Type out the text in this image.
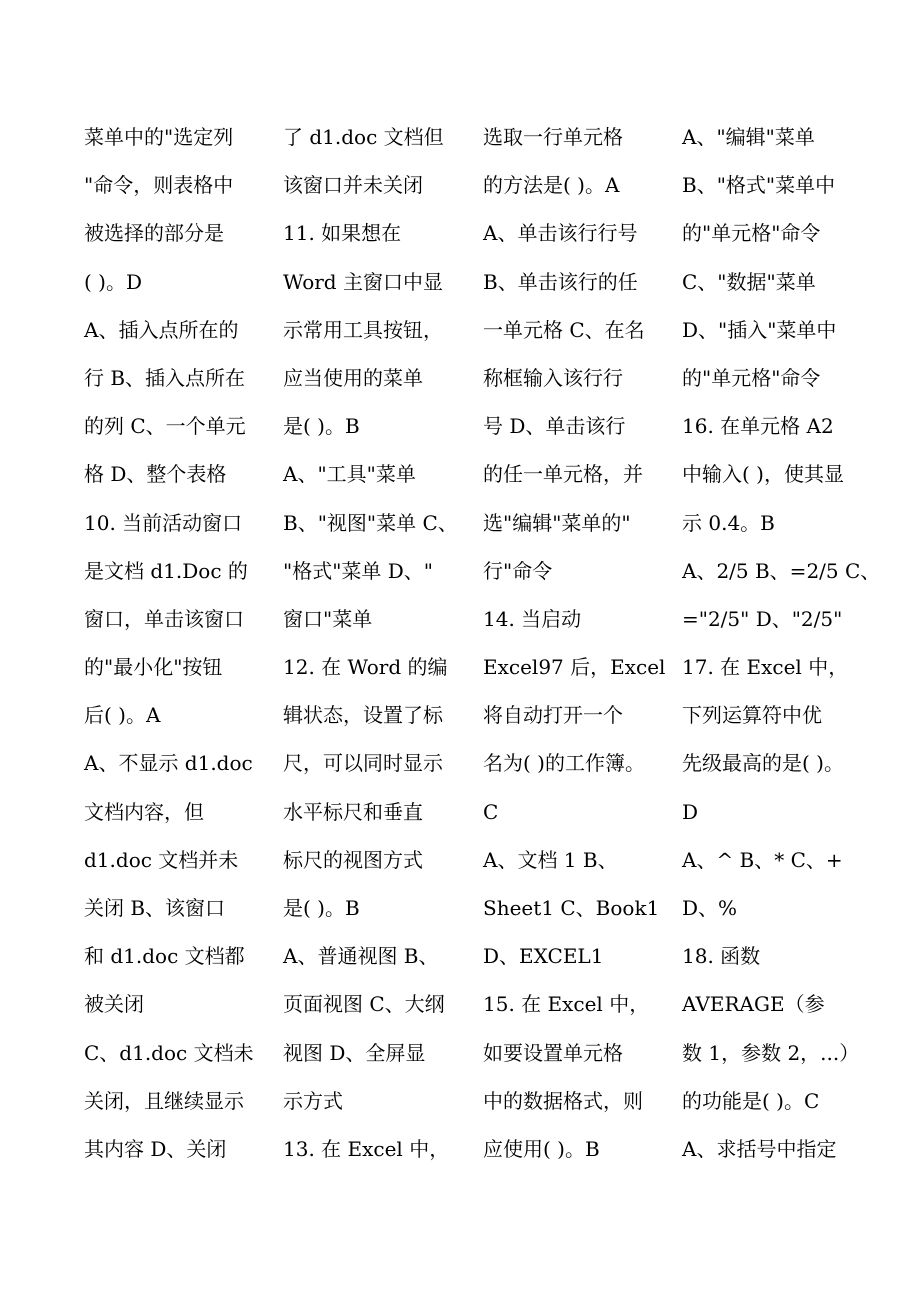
菜单中的"选定列
"命令，则表格中
被选择的部分是
( )。D
A、插入点所在的
行 B、插入点所在
的列 C、一个单元
格 D、整个表格
10. 当前活动窗口
是文档 d1.Doc 的
窗口，单击该窗口
的"最小化"按钮
后( )。A
A、不显示 d1.doc
文档内容，但
d1.doc 文档并未
关闭 B、该窗口
和 d1.doc 文档都
被关闭
C、d1.doc 文档未
关闭，且继续显示
其内容 D、关闭
了 d1.doc 文档但
该窗口并未关闭
11. 如果想在
Word 主窗口中显
示常用工具按钮，
应当使用的菜单
是( )。B
A、"工具"菜单
B、"视图"菜单 C、
"格式"菜单 D、"
窗口"菜单
12. 在 Word 的编
辑状态，设置了标
尺，可以同时显示
水平标尺和垂直
标尺的视图方式
是( )。B
A、普通视图 B、
页面视图 C、大纲
视图 D、全屏显
示方式
13. 在 Excel 中，
选取一行单元格
的方法是( )。A
A、单击该行行号
B、单击该行的任
一单元格 C、在名
称框输入该行行
号 D、单击该行
的任一单元格，并
选"编辑"菜单的"
行"命令
14. 当启动
Excel97 后，Excel
将自动打开一个
名为( )的工作簿。
C
A、文档 1 B、
Sheet1 C、Book1
D、EXCEL1
15. 在 Excel 中，
如要设置单元格
中的数据格式，则
应使用( )。B
A、"编辑"菜单
B、"格式"菜单中
的"单元格"命令
C、"数据"菜单
D、"插入"菜单中
的"单元格"命令
16. 在单元格 A2
中输入( )，使其显
示 0.4。B
A、2/5 B、=2/5 C、
="2/5" D、"2/5"
17. 在 Excel 中，
下列运算符中优
先级最高的是( )。
D
A、^ B、* C、+
D、%
18. 函数
AVERAGE（参
数 1，参数 2，...）
的功能是( )。C
A、求括号中指定
